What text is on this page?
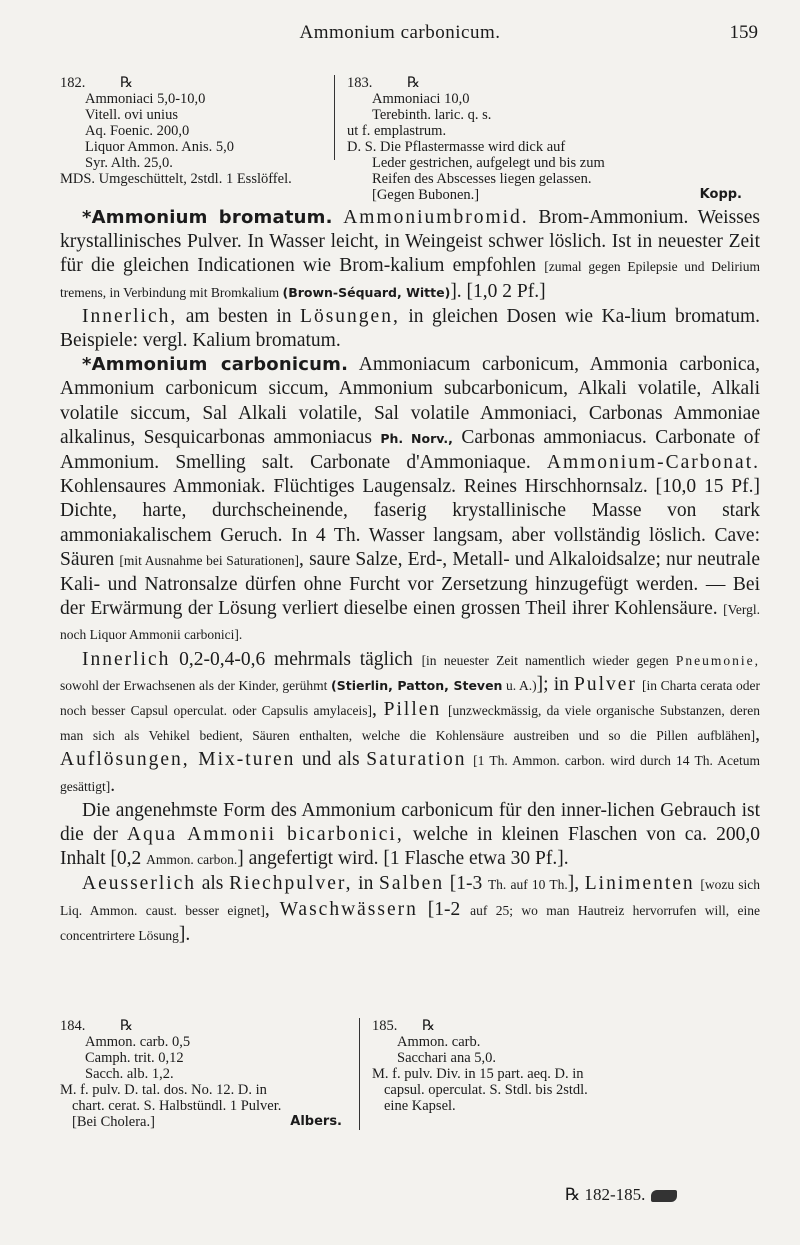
Ammonium carbonicum.	159
182. ℞
Ammoniaci 5,0-10,0
Vitell. ovi unius
Aq. Foenic. 200,0
Liquor Ammon. Anis. 5,0
Syr. Alth. 25,0.
MDS. Umgeschüttelt, 2stdl. 1 Esslöffel.
183. ℞
Ammoniaci 10,0
Terebinth. laric. q. s.
ut f. emplastrum.
D. S. Die Pflastermasse wird dick auf
Leder gestrichen, aufgelegt und bis zum
Reifen des Abscesses liegen gelassen.
[Gegen Bubonen.]	Kopp.

*Ammonium bromatum. Ammoniumbromid. Brom-Ammonium. Weisses krystallinisches Pulver. In Wasser leicht, in Weingeist schwer löslich. Ist in neuester Zeit für die gleichen Indicationen wie Brom-kalium empfohlen [zumal gegen Epilepsie und Delirium tremens, in Verbindung mit Bromkalium (Brown-Séquard, Witte)]. [1,0 2 Pf.]

Innerlich, am besten in Lösungen, in gleichen Dosen wie Ka-lium bromatum. Beispiele: vergl. Kalium bromatum.

*Ammonium carbonicum. Ammoniacum carbonicum, Ammonia carbonica, Ammonium carbonicum siccum, Ammonium subcarbonicum, Alkali volatile, Alkali volatile siccum, Sal Alkali volatile, Sal volatile Ammoniaci, Carbonas Ammoniae alkalinus, Sesquicarbonas ammoniacus Ph. Norv., Carbonas ammoniacus. Carbonate of Ammonium. Smelling salt. Carbonate d'Ammoniaque. Ammonium-Carbonat. Kohlensaures Ammoniak. Flüchtiges Laugensalz. Reines Hirschhornsalz. [10,0 15 Pf.] Dichte, harte, durchscheinende, faserig krystallinische Masse von stark ammoniakalischem Geruch. In 4 Th. Wasser langsam, aber vollständig löslich. Cave: Säuren [mit Ausnahme bei Saturationen], saure Salze, Erd-, Metall- und Alkaloidsalze; nur neutrale Kali- und Natronsalze dürfen ohne Furcht vor Zersetzung hinzugefügt werden. — Bei der Erwärmung der Lösung verliert dieselbe einen grossen Theil ihrer Kohlensäure. [Vergl. noch Liquor Ammonii carbonici].

Innerlich 0,2-0,4-0,6 mehrmals täglich [in neuester Zeit namentlich wieder gegen Pneumonie, sowohl der Erwachsenen als der Kinder, gerühmt (Stierlin, Patton, Steven u. A.)]; in Pulver [in Charta cerata oder noch besser Capsul operculat. oder Capsulis amylaceis], Pillen [unzweckmässig, da viele organische Substanzen, deren man sich als Vehikel bedient, Säuren enthalten, welche die Kohlensäure austreiben und so die Pillen aufblähen], Auflösungen, Mix-turen und als Saturation [1 Th. Ammon. carbon. wird durch 14 Th. Acetum gesättigt].

Die angenehmste Form des Ammonium carbonicum für den inner-lichen Gebrauch ist die der Aqua Ammonii bicarbonici, welche in kleinen Flaschen von ca. 200,0 Inhalt [0,2 Ammon. carbon.] angefertigt wird. [1 Flasche etwa 30 Pf.].

Aeusserlich als Riechpulver, in Salben [1-3 Th. auf 10 Th.], Linimenten [wozu sich Liq. Ammon. caust. besser eignet], Waschwässern [1-2 auf 25; wo man Hautreiz hervorrufen will, eine concentrirtere Lösung].

184. ℞
Ammon. carb. 0,5
Camph. trit. 0,12
Sacch. alb. 1,2.
M. f. pulv. D. tal. dos. No. 12. D. in
chart. cerat. S. Halbstündl. 1 Pulver.
[Bei Cholera.]	Albers.
185. ℞
Ammon. carb.
Sacchari ana 5,0.
M. f. pulv. Div. in 15 part. aeq. D. in
capsul. operculat. S. Stdl. bis 2stdl.
eine Kapsel.
℞ 182-185.
